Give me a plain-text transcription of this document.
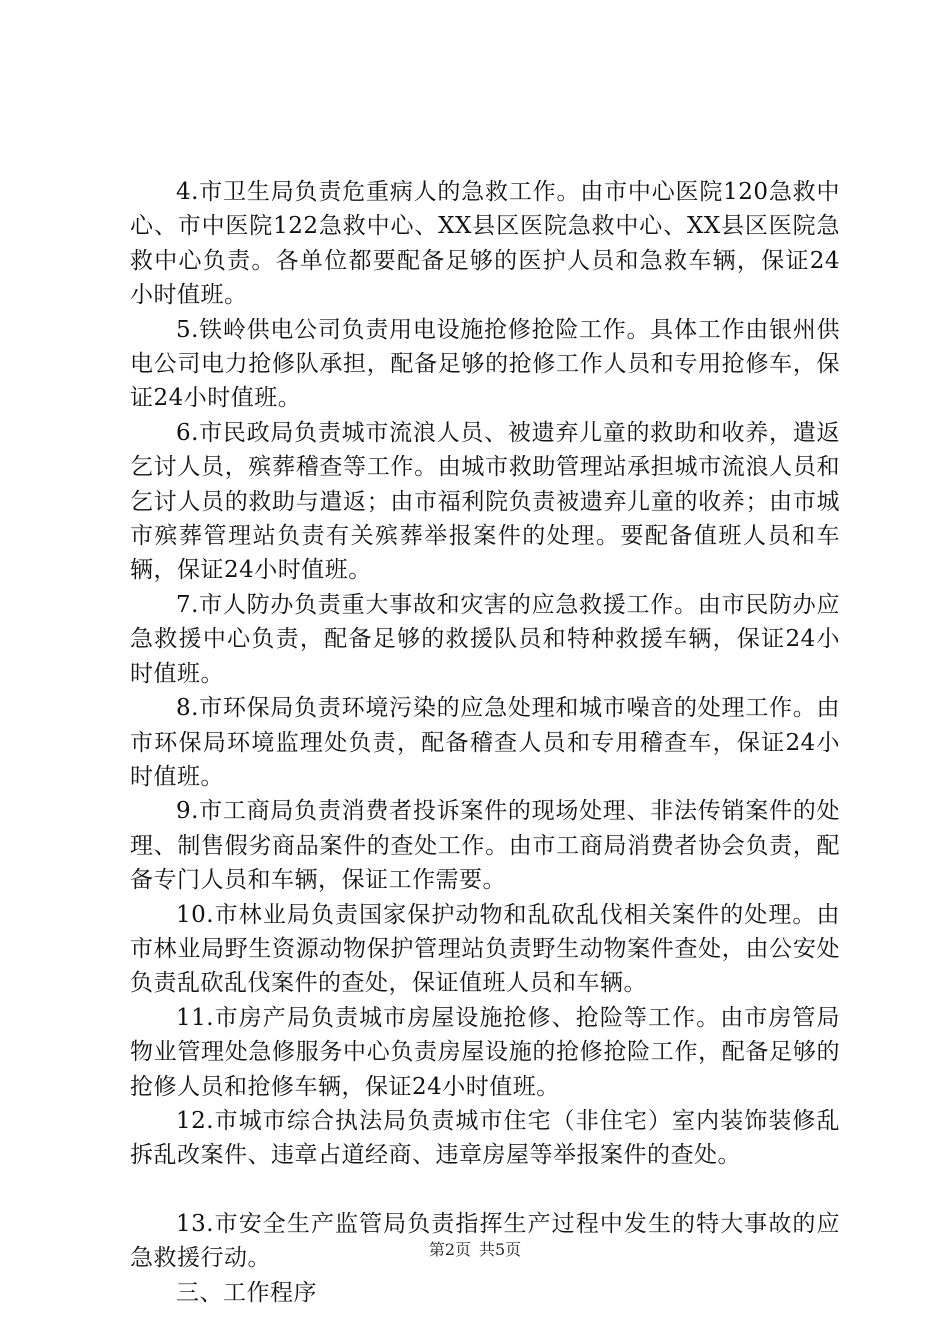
4.市卫生局负责危重病人的急救工作。由市中心医院120急救中心、市中医院122急救中心、XX县区医院急救中心、XX县区医院急救中心负责。各单位都要配备足够的医护人员和急救车辆，保证24小时值班。

5.铁岭供电公司负责用电设施抢修抢险工作。具体工作由银州供电公司电力抢修队承担，配备足够的抢修工作人员和专用抢修车，保证24小时值班。

6.市民政局负责城市流浪人员、被遗弃儿童的救助和收养，遣返乞讨人员，殡葬稽查等工作。由城市救助管理站承担城市流浪人员和乞讨人员的救助与遣返；由市福利院负责被遗弃儿童的收养；由市城市殡葬管理站负责有关殡葬举报案件的处理。要配备值班人员和车辆，保证24小时值班。

7.市人防办负责重大事故和灾害的应急救援工作。由市民防办应急救援中心负责，配备足够的救援队员和特种救援车辆，保证24小时值班。

8.市环保局负责环境污染的应急处理和城市噪音的处理工作。由市环保局环境监理处负责，配备稽查人员和专用稽查车，保证24小时值班。

9.市工商局负责消费者投诉案件的现场处理、非法传销案件的处理、制售假劣商品案件的查处工作。由市工商局消费者协会负责，配备专门人员和车辆，保证工作需要。

10.市林业局负责国家保护动物和乱砍乱伐相关案件的处理。由市林业局野生资源动物保护管理站负责野生动物案件查处，由公安处负责乱砍乱伐案件的查处，保证值班人员和车辆。

11.市房产局负责城市房屋设施抢修、抢险等工作。由市房管局物业管理处急修服务中心负责房屋设施的抢修抢险工作，配备足够的抢修人员和抢修车辆，保证24小时值班。

12.市城市综合执法局负责城市住宅（非住宅）室内装饰装修乱拆乱改案件、违章占道经商、违章房屋等举报案件的查处。

13.市安全生产监管局负责指挥生产过程中发生的特大事故的应急救援行动。

三、工作程序

第2页 共5页
